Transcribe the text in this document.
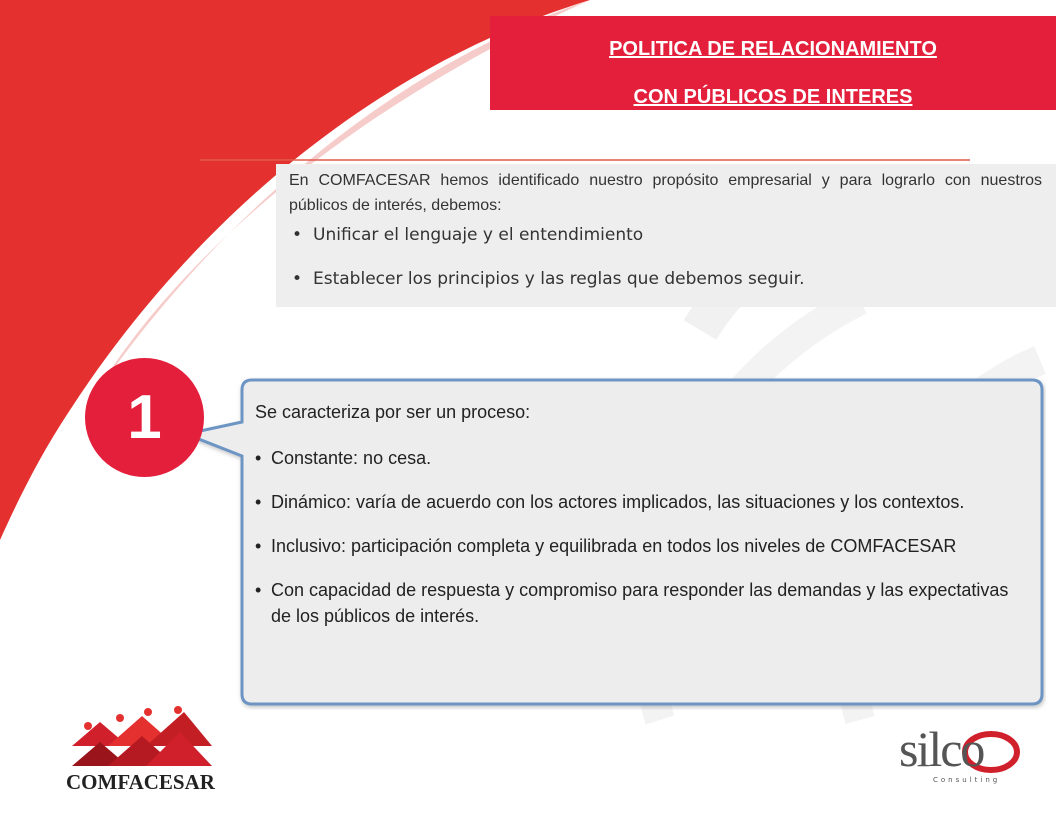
POLITICA DE RELACIONAMIENTO
CON PÚBLICOS DE INTERES

En COMFACESAR hemos identificado nuestro propósito empresarial y para lograrlo con nuestros públicos de interés, debemos:

• Unificar el lenguaje y el entendimiento
• Establecer los principios y las reglas que debemos seguir.
1	Se caracteriza por ser un proceso:

• Constante: no cesa.
• Dinámico: varía de acuerdo con los actores implicados, las situaciones y los contextos.
• Inclusivo: participación completa y equilibrada en todos los niveles de COMFACESAR
• Con capacidad de respuesta y compromiso para responder las demandas y las expectativas de los públicos de interés.
COMFACESAR
silco
Consulting
